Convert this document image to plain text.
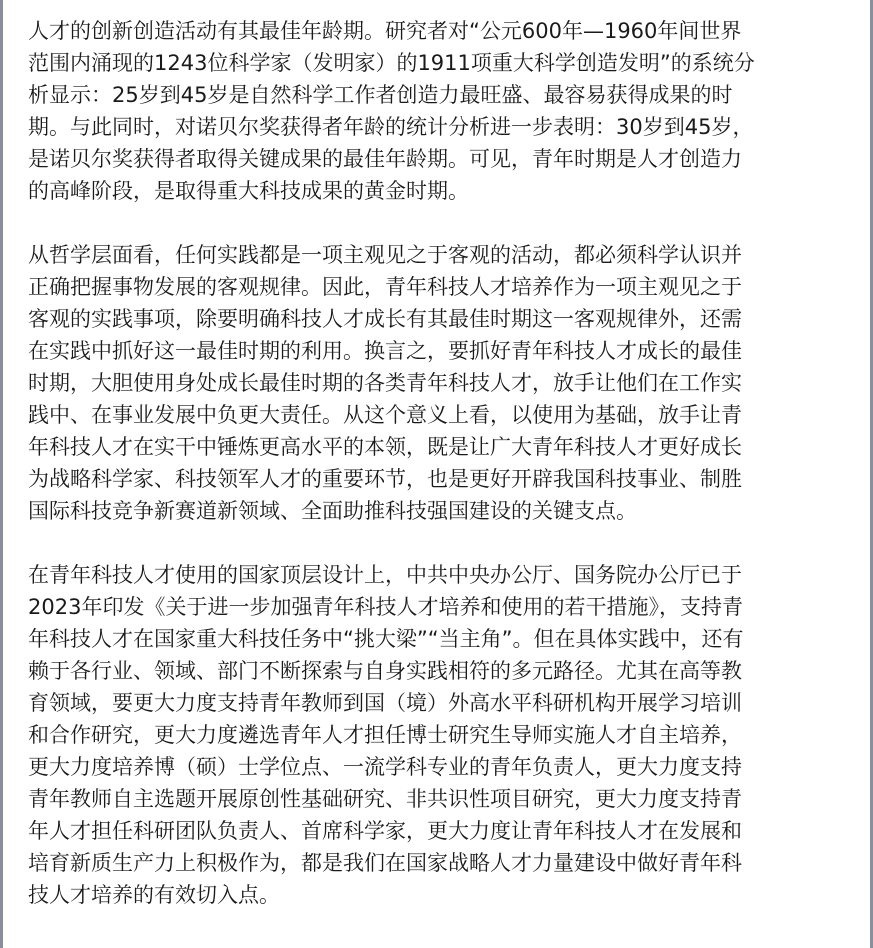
人才的创新创造活动有其最佳年龄期。研究者对“公元600年—1960年间世界
范围内涌现的1243位科学家（发明家）的1911项重大科学创造发明”的系统分
析显示：25岁到45岁是自然科学工作者创造力最旺盛、最容易获得成果的时
期。与此同时，对诺贝尔奖获得者年龄的统计分析进一步表明：30岁到45岁，
是诺贝尔奖获得者取得关键成果的最佳年龄期。可见，青年时期是人才创造力
的高峰阶段，是取得重大科技成果的黄金时期。

从哲学层面看，任何实践都是一项主观见之于客观的活动，都必须科学认识并
正确把握事物发展的客观规律。因此，青年科技人才培养作为一项主观见之于
客观的实践事项，除要明确科技人才成长有其最佳时期这一客观规律外，还需
在实践中抓好这一最佳时期的利用。换言之，要抓好青年科技人才成长的最佳
时期，大胆使用身处成长最佳时期的各类青年科技人才，放手让他们在工作实
践中、在事业发展中负更大责任。从这个意义上看，以使用为基础，放手让青
年科技人才在实干中锤炼更高水平的本领，既是让广大青年科技人才更好成长
为战略科学家、科技领军人才的重要环节，也是更好开辟我国科技事业、制胜
国际科技竞争新赛道新领域、全面助推科技强国建设的关键支点。

在青年科技人才使用的国家顶层设计上，中共中央办公厅、国务院办公厅已于
2023年印发《关于进一步加强青年科技人才培养和使用的若干措施》，支持青
年科技人才在国家重大科技任务中“挑大梁”“当主角”。但在具体实践中，还有
赖于各行业、领域、部门不断探索与自身实践相符的多元路径。尤其在高等教
育领域，要更大力度支持青年教师到国（境）外高水平科研机构开展学习培训
和合作研究，更大力度遴选青年人才担任博士研究生导师实施人才自主培养，
更大力度培养博（硕）士学位点、一流学科专业的青年负责人，更大力度支持
青年教师自主选题开展原创性基础研究、非共识性项目研究，更大力度支持青
年人才担任科研团队负责人、首席科学家，更大力度让青年科技人才在发展和
培育新质生产力上积极作为，都是我们在国家战略人才力量建设中做好青年科
技人才培养的有效切入点。
